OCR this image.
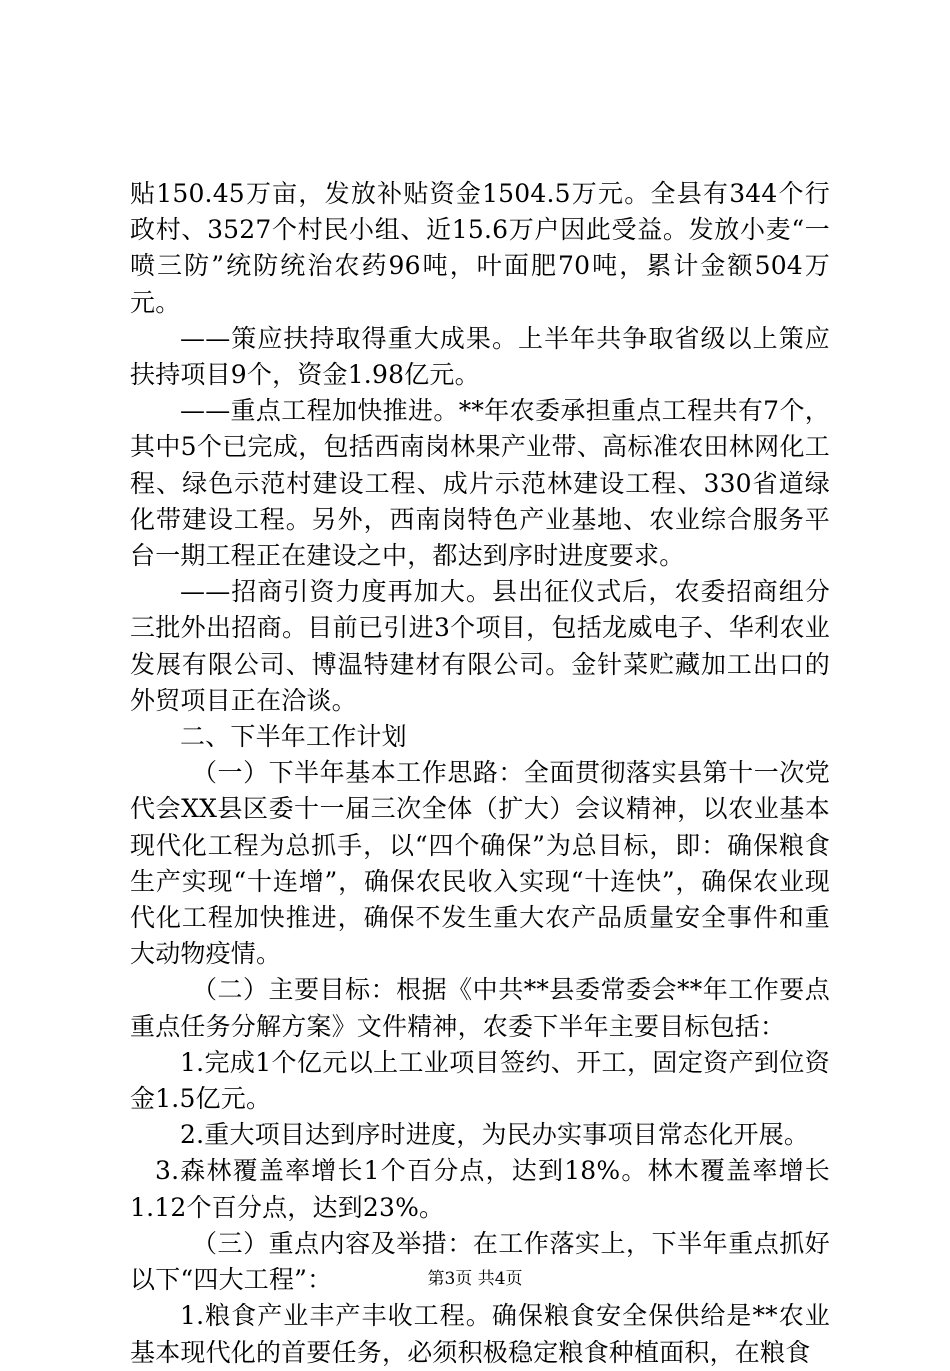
贴150.45万亩，发放补贴资金1504.5万元。全县有344个行政村、3527个村民小组、近15.6万户因此受益。发放小麦“一喷三防”统防统治农药96吨，叶面肥70吨，累计金额504万元。

——策应扶持取得重大成果。上半年共争取省级以上策应扶持项目9个，资金1.98亿元。

——重点工程加快推进。**年农委承担重点工程共有7个，其中5个已完成，包括西南岗林果产业带、高标准农田林网化工程、绿色示范村建设工程、成片示范林建设工程、330省道绿化带建设工程。另外，西南岗特色产业基地、农业综合服务平台一期工程正在建设之中，都达到序时进度要求。

——招商引资力度再加大。县出征仪式后，农委招商组分三批外出招商。目前已引进3个项目，包括龙威电子、华利农业发展有限公司、博温特建材有限公司。金针菜贮藏加工出口的外贸项目正在洽谈。

二、下半年工作计划

（一）下半年基本工作思路：全面贯彻落实县第十一次党代会XX县区委十一届三次全体（扩大）会议精神，以农业基本现代化工程为总抓手，以“四个确保”为总目标，即：确保粮食生产实现“十连增”，确保农民收入实现“十连快”，确保农业现代化工程加快推进，确保不发生重大农产品质量安全事件和重大动物疫情。

（二）主要目标：根据《中共**县委常委会**年工作要点重点任务分解方案》文件精神，农委下半年主要目标包括：

1.完成1个亿元以上工业项目签约、开工，固定资产到位资金1.5亿元。

2.重大项目达到序时进度，为民办实事项目常态化开展。

3.森林覆盖率增长1个百分点，达到18%。林木覆盖率增长1.12个百分点，达到23%。

（三）重点内容及举措：在工作落实上，下半年重点抓好以下“四大工程”：

1.粮食产业丰产丰收工程。确保粮食安全保供给是**农业基本现代化的首要任务，必须积极稳定粮食种植面积，在粮食

第3页 共4页
